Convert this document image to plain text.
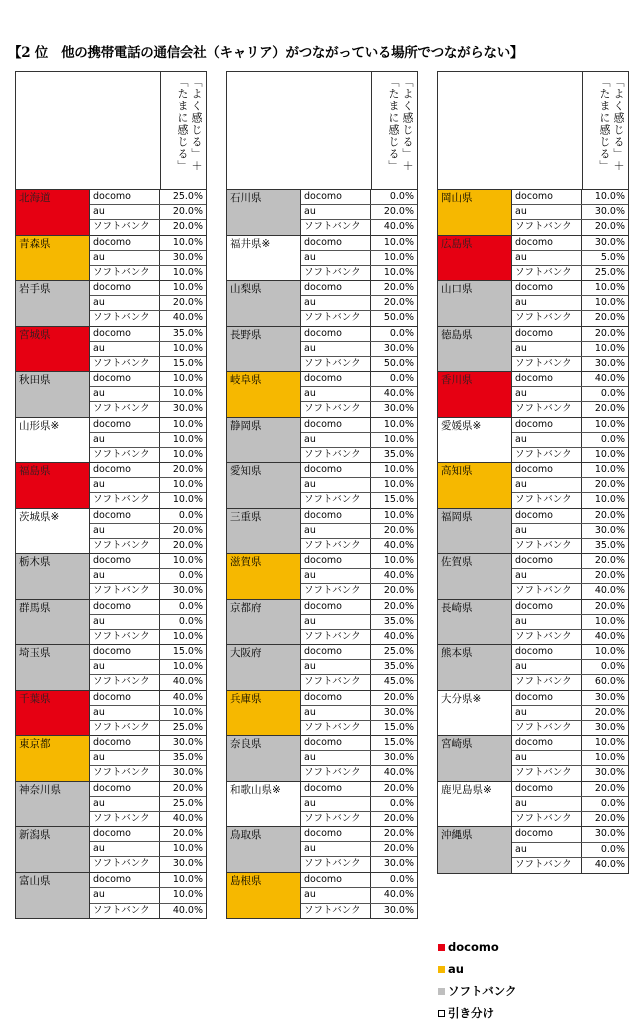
【2 位　他の携帯電話の通信会社（キャリア）がつながっている場所でつながらない】
「よく感じる」＋「たまに感じる」
北海道	docomo	25.0%
au	20.0%
ソフトバンク	20.0%
青森県	docomo	10.0%
au	30.0%
ソフトバンク	10.0%
岩手県	docomo	10.0%
au	20.0%
ソフトバンク	40.0%
宮城県	docomo	35.0%
au	10.0%
ソフトバンク	15.0%
秋田県	docomo	10.0%
au	10.0%
ソフトバンク	30.0%
山形県※	docomo	10.0%
au	10.0%
ソフトバンク	10.0%
福島県	docomo	20.0%
au	10.0%
ソフトバンク	10.0%
茨城県※	docomo	0.0%
au	20.0%
ソフトバンク	20.0%
栃木県	docomo	10.0%
au	0.0%
ソフトバンク	30.0%
群馬県	docomo	0.0%
au	0.0%
ソフトバンク	10.0%
埼玉県	docomo	15.0%
au	10.0%
ソフトバンク	40.0%
千葉県	docomo	40.0%
au	10.0%
ソフトバンク	25.0%
東京都	docomo	30.0%
au	35.0%
ソフトバンク	30.0%
神奈川県	docomo	20.0%
au	25.0%
ソフトバンク	40.0%
新潟県	docomo	20.0%
au	10.0%
ソフトバンク	30.0%
富山県	docomo	10.0%
au	10.0%
ソフトバンク	40.0%
「よく感じる」＋「たまに感じる」
石川県	docomo	0.0%
au	20.0%
ソフトバンク	40.0%
福井県※	docomo	10.0%
au	10.0%
ソフトバンク	10.0%
山梨県	docomo	20.0%
au	20.0%
ソフトバンク	50.0%
長野県	docomo	0.0%
au	30.0%
ソフトバンク	50.0%
岐阜県	docomo	0.0%
au	40.0%
ソフトバンク	30.0%
静岡県	docomo	10.0%
au	10.0%
ソフトバンク	35.0%
愛知県	docomo	10.0%
au	10.0%
ソフトバンク	15.0%
三重県	docomo	10.0%
au	20.0%
ソフトバンク	40.0%
滋賀県	docomo	10.0%
au	40.0%
ソフトバンク	20.0%
京都府	docomo	20.0%
au	35.0%
ソフトバンク	40.0%
大阪府	docomo	25.0%
au	35.0%
ソフトバンク	45.0%
兵庫県	docomo	20.0%
au	30.0%
ソフトバンク	15.0%
奈良県	docomo	15.0%
au	30.0%
ソフトバンク	40.0%
和歌山県※	docomo	20.0%
au	0.0%
ソフトバンク	20.0%
鳥取県	docomo	20.0%
au	20.0%
ソフトバンク	30.0%
島根県	docomo	0.0%
au	40.0%
ソフトバンク	30.0%
「よく感じる」＋「たまに感じる」
岡山県	docomo	10.0%
au	30.0%
ソフトバンク	20.0%
広島県	docomo	30.0%
au	5.0%
ソフトバンク	25.0%
山口県	docomo	10.0%
au	10.0%
ソフトバンク	20.0%
徳島県	docomo	20.0%
au	10.0%
ソフトバンク	30.0%
香川県	docomo	40.0%
au	0.0%
ソフトバンク	20.0%
愛媛県※	docomo	10.0%
au	0.0%
ソフトバンク	10.0%
高知県	docomo	10.0%
au	20.0%
ソフトバンク	10.0%
福岡県	docomo	20.0%
au	30.0%
ソフトバンク	35.0%
佐賀県	docomo	20.0%
au	20.0%
ソフトバンク	40.0%
長崎県	docomo	20.0%
au	10.0%
ソフトバンク	40.0%
熊本県	docomo	10.0%
au	0.0%
ソフトバンク	60.0%
大分県※	docomo	30.0%
au	20.0%
ソフトバンク	30.0%
宮崎県	docomo	10.0%
au	10.0%
ソフトバンク	30.0%
鹿児島県※	docomo	20.0%
au	0.0%
ソフトバンク	20.0%
沖縄県	docomo	30.0%
au	0.0%
ソフトバンク	40.0%
docomo
au
ソフトバンク
引き分け
